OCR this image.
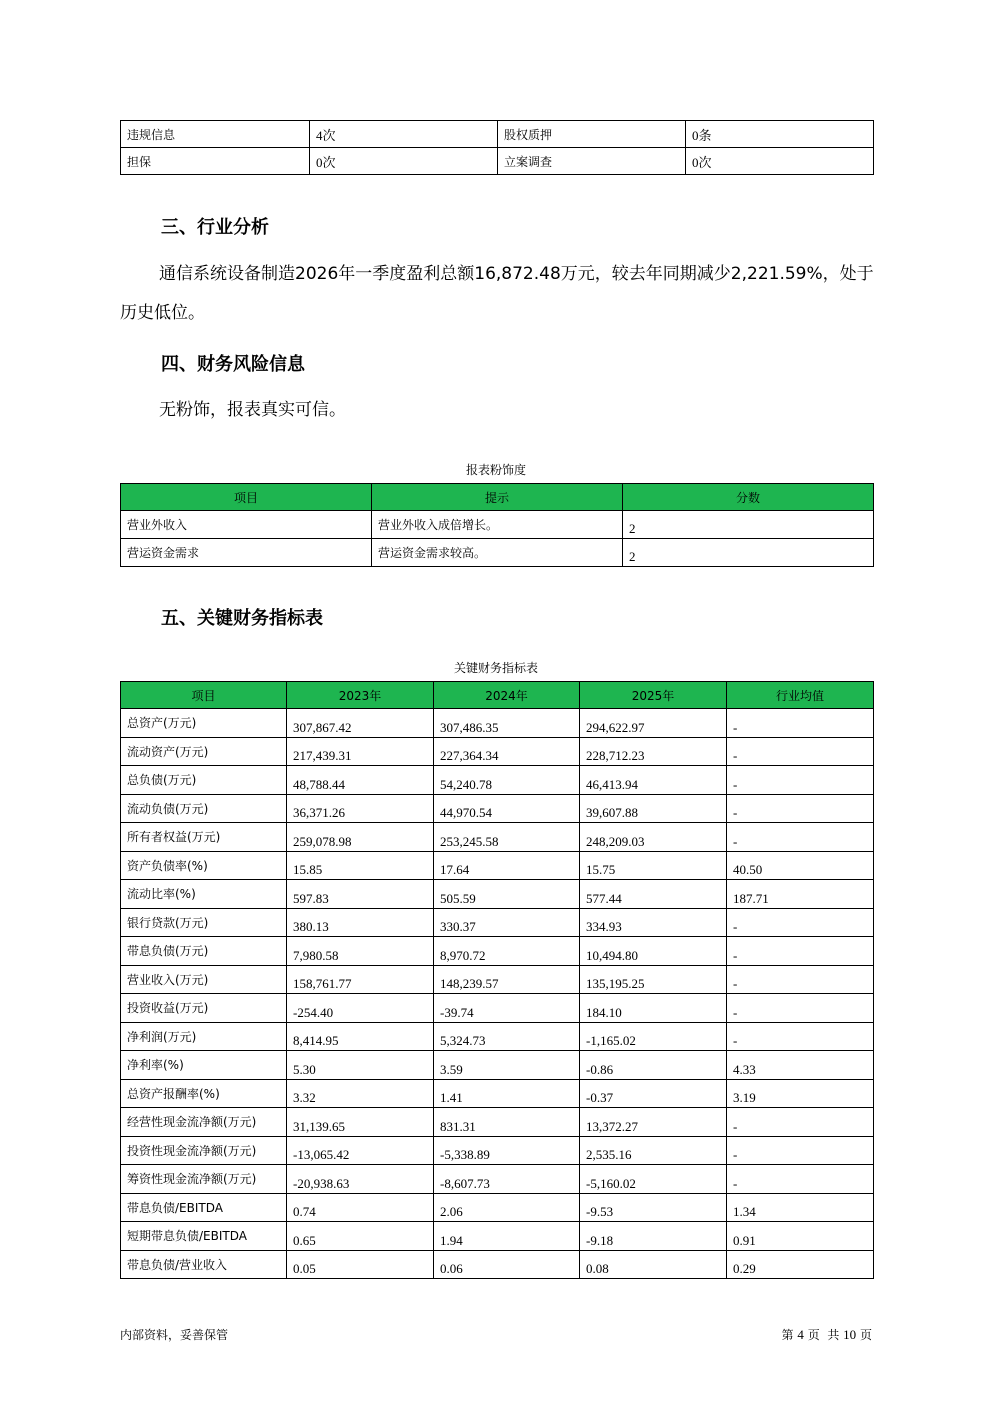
违规信息	4次	股权质押	0条
担保	0次	立案调查	0次
三、行业分析
通信系统设备制造2026年一季度盈利总额16,872.48万元，较去年同期减少2,221.59%，处于
历史低位。
四、财务风险信息
无粉饰，报表真实可信。
报表粉饰度
项目	提示	分数
营业外收入	营业外收入成倍增长。	2
营运资金需求	营运资金需求较高。	2
五、关键财务指标表
关键财务指标表
项目	2023年	2024年	2025年	行业均值
总资产(万元)	307,867.42	307,486.35	294,622.97	-
流动资产(万元)	217,439.31	227,364.34	228,712.23	-
总负债(万元)	48,788.44	54,240.78	46,413.94	-
流动负债(万元)	36,371.26	44,970.54	39,607.88	-
所有者权益(万元)	259,078.98	253,245.58	248,209.03	-
资产负债率(%)	15.85	17.64	15.75	40.50
流动比率(%)	597.83	505.59	577.44	187.71
银行贷款(万元)	380.13	330.37	334.93	-
带息负债(万元)	7,980.58	8,970.72	10,494.80	-
营业收入(万元)	158,761.77	148,239.57	135,195.25	-
投资收益(万元)	-254.40	-39.74	184.10	-
净利润(万元)	8,414.95	5,324.73	-1,165.02	-
净利率(%)	5.30	3.59	-0.86	4.33
总资产报酬率(%)	3.32	1.41	-0.37	3.19
经营性现金流净额(万元)	31,139.65	831.31	13,372.27	-
投资性现金流净额(万元)	-13,065.42	-5,338.89	2,535.16	-
筹资性现金流净额(万元)	-20,938.63	-8,607.73	-5,160.02	-
带息负债/EBITDA	0.74	2.06	-9.53	1.34
短期带息负债/EBITDA	0.65	1.94	-9.18	0.91
带息负债/营业收入	0.05	0.06	0.08	0.29
内部资料，妥善保管	第 4 页  共 10 页
